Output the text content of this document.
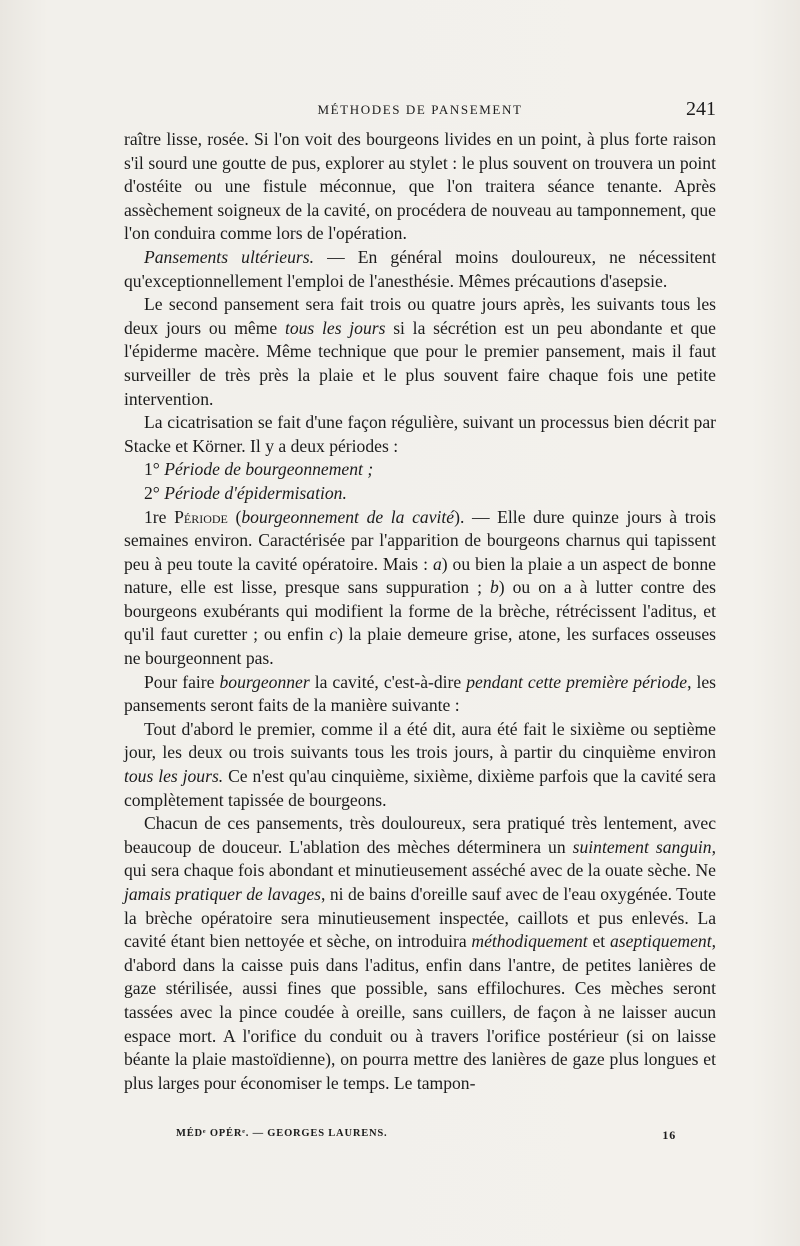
MÉTHODES DE PANSEMENT	241

raître lisse, rosée. Si l'on voit des bourgeons livides en un point, à plus forte raison s'il sourd une goutte de pus, explorer au stylet : le plus souvent on trouvera un point d'ostéite ou une fistule méconnue, que l'on traitera séance tenante. Après assèchement soigneux de la cavité, on procédera de nouveau au tamponnement, que l'on conduira comme lors de l'opération.

Pansements ultérieurs. — En général moins douloureux, ne nécessitent qu'exceptionnellement l'emploi de l'anesthésie. Mêmes précautions d'asepsie.

Le second pansement sera fait trois ou quatre jours après, les suivants tous les deux jours ou même tous les jours si la sécrétion est un peu abondante et que l'épiderme macère. Même technique que pour le premier pansement, mais il faut surveiller de très près la plaie et le plus souvent faire chaque fois une petite intervention.

La cicatrisation se fait d'une façon régulière, suivant un processus bien décrit par Stacke et Körner. Il y a deux périodes :

1° Période de bourgeonnement ;

2° Période d'épidermisation.

1re Période (bourgeonnement de la cavité). — Elle dure quinze jours à trois semaines environ. Caractérisée par l'apparition de bourgeons charnus qui tapissent peu à peu toute la cavité opératoire. Mais : a) ou bien la plaie a un aspect de bonne nature, elle est lisse, presque sans suppuration ; b) ou on a à lutter contre des bourgeons exubérants qui modifient la forme de la brèche, rétrécissent l'aditus, et qu'il faut curetter ; ou enfin c) la plaie demeure grise, atone, les surfaces osseuses ne bourgeonnent pas.

Pour faire bourgeonner la cavité, c'est-à-dire pendant cette première période, les pansements seront faits de la manière suivante :

Tout d'abord le premier, comme il a été dit, aura été fait le sixième ou septième jour, les deux ou trois suivants tous les trois jours, à partir du cinquième environ tous les jours. Ce n'est qu'au cinquième, sixième, dixième parfois que la cavité sera complètement tapissée de bourgeons.

Chacun de ces pansements, très douloureux, sera pratiqué très lentement, avec beaucoup de douceur. L'ablation des mèches déterminera un suintement sanguin, qui sera chaque fois abondant et minutieusement asséché avec de la ouate sèche. Ne jamais pratiquer de lavages, ni de bains d'oreille sauf avec de l'eau oxygénée. Toute la brèche opératoire sera minutieusement inspectée, caillots et pus enlevés. La cavité étant bien nettoyée et sèche, on introduira méthodiquement et aseptiquement, d'abord dans la caisse puis dans l'aditus, enfin dans l'antre, de petites lanières de gaze stérilisée, aussi fines que possible, sans effilochures. Ces mèches seront tassées avec la pince coudée à oreille, sans cuillers, de façon à ne laisser aucun espace mort. A l'orifice du conduit ou à travers l'orifice postérieur (si on laisse béante la plaie mastoïdienne), on pourra mettre des lanières de gaze plus longues et plus larges pour économiser le temps. Le tampon-

MÉDᵉ OPÉRᵉ. — GEORGES LAURENS.	16
